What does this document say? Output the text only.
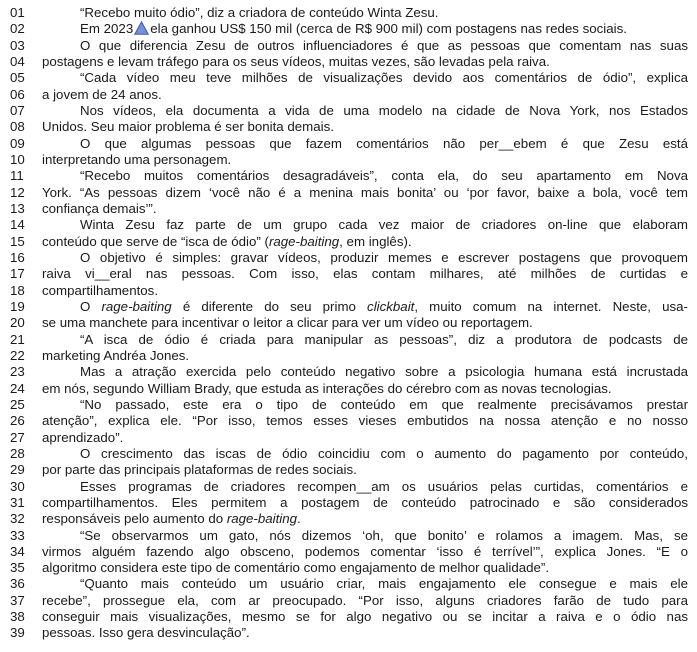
01	“Recebo muito ódio”, diz a criadora de conteúdo Winta Zesu.
02	Em 2023 ela ganhou US$ 150 mil (cerca de R$ 900 mil) com postagens nas redes sociais.
03	O que diferencia Zesu de outros influenciadores é que as pessoas que comentam nas suas
04	postagens e levam tráfego para os seus vídeos, muitas vezes, são levadas pela raiva.
05	“Cada vídeo meu teve milhões de visualizações devido aos comentários de ódio”, explica
06	a jovem de 24 anos.
07	Nos vídeos, ela documenta a vida de uma modelo na cidade de Nova York, nos Estados
08	Unidos. Seu maior problema é ser bonita demais.
09	O que algumas pessoas que fazem comentários não per__ebem é que Zesu está
10	interpretando uma personagem.
11	“Recebo muitos comentários desagradáveis”, conta ela, do seu apartamento em Nova
12	York. “As pessoas dizem ‘você não é a menina mais bonita’ ou ‘por favor, baixe a bola, você tem
13	confiança demais’”.
14	Winta Zesu faz parte de um grupo cada vez maior de criadores on-line que elaboram
15	conteúdo que serve de “isca de ódio” (rage-baiting, em inglês).
16	O objetivo é simples: gravar vídeos, produzir memes e escrever postagens que provoquem
17	raiva vi__eral nas pessoas. Com isso, elas contam milhares, até milhões de curtidas e
18	compartilhamentos.
19	O rage-baiting é diferente do seu primo clickbait, muito comum na internet. Neste, usa-
20	se uma manchete para incentivar o leitor a clicar para ver um vídeo ou reportagem.
21	“A isca de ódio é criada para manipular as pessoas”, diz a produtora de podcasts de
22	marketing Andréa Jones.
23	Mas a atração exercida pelo conteúdo negativo sobre a psicologia humana está incrustada
24	em nós, segundo William Brady, que estuda as interações do cérebro com as novas tecnologias.
25	“No passado, este era o tipo de conteúdo em que realmente precisávamos prestar
26	atenção”, explica ele. “Por isso, temos esses vieses embutidos na nossa atenção e no nosso
27	aprendizado”.
28	O crescimento das iscas de ódio coincidiu com o aumento do pagamento por conteúdo,
29	por parte das principais plataformas de redes sociais.
30	Esses programas de criadores recompen__am os usuários pelas curtidas, comentários e
31	compartilhamentos. Eles permitem a postagem de conteúdo patrocinado e são considerados
32	responsáveis pelo aumento do rage-baiting.
33	“Se observarmos um gato, nós dizemos ‘oh, que bonito’ e rolamos a imagem. Mas, se
34	virmos alguém fazendo algo obsceno, podemos comentar ‘isso é terrível’”, explica Jones. “E o
35	algoritmo considera este tipo de comentário como engajamento de melhor qualidade”.
36	“Quanto mais conteúdo um usuário criar, mais engajamento ele consegue e mais ele
37	recebe”, prossegue ela, com ar preocupado. “Por isso, alguns criadores farão de tudo para
38	conseguir mais visualizações, mesmo se for algo negativo ou se incitar a raiva e o ódio nas
39	pessoas. Isso gera desvinculação”.
